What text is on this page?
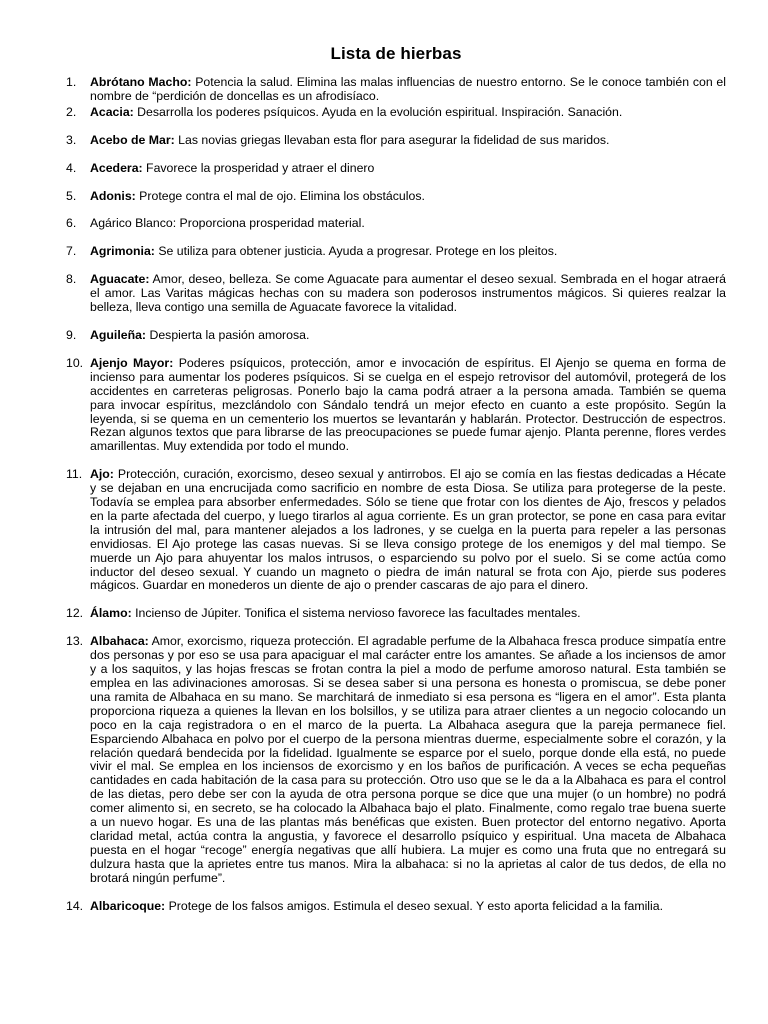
Lista de hierbas
1. Abrótano Macho: Potencia la salud. Elimina las malas influencias de nuestro entorno. Se le conoce también con el nombre de “perdición de doncellas es un afrodisíaco.
2. Acacia: Desarrolla los poderes psíquicos. Ayuda en la evolución espiritual. Inspiración. Sanación.
3. Acebo de Mar: Las novias griegas llevaban esta flor para asegurar la fidelidad de sus maridos.
4. Acedera: Favorece la prosperidad y atraer el dinero
5. Adonis: Protege contra el mal de ojo. Elimina los obstáculos.
6. Agárico Blanco: Proporciona prosperidad material.
7. Agrimonia: Se utiliza para obtener justicia. Ayuda a progresar. Protege en los pleitos.
8. Aguacate: Amor, deseo, belleza. Se come Aguacate para aumentar el deseo sexual. Sembrada en el hogar atraerá el amor. Las Varitas mágicas hechas con su madera son poderosos instrumentos mágicos. Si quieres realzar la belleza, lleva contigo una semilla de Aguacate favorece la vitalidad.
9. Aguileña: Despierta la pasión amorosa.
10. Ajenjo Mayor: Poderes psíquicos, protección, amor e invocación de espíritus. El Ajenjo se quema en forma de incienso para aumentar los poderes psíquicos. Si se cuelga en el espejo retrovisor del automóvil, protegerá de los accidentes en carreteras peligrosas. Ponerlo bajo la cama podrá atraer a la persona amada. También se quema para invocar espíritus, mezclándolo con Sándalo tendrá un mejor efecto en cuanto a este propósito. Según la leyenda, si se quema en un cementerio los muertos se levantarán y hablarán. Protector. Destrucción de espectros. Rezan algunos textos que para librarse de las preocupaciones se puede fumar ajenjo. Planta perenne, flores verdes amarillentas. Muy extendida por todo el mundo.
11. Ajo: Protección, curación, exorcismo, deseo sexual y antirrobos. El ajo se comía en las fiestas dedicadas a Hécate y se dejaban en una encrucijada como sacrificio en nombre de esta Diosa. Se utiliza para protegerse de la peste. Todavía se emplea para absorber enfermedades. Sólo se tiene que frotar con los dientes de Ajo, frescos y pelados en la parte afectada del cuerpo, y luego tirarlos al agua corriente. Es un gran protector, se pone en casa para evitar la intrusión del mal, para mantener alejados a los ladrones, y se cuelga en la puerta para repeler a las personas envidiosas. El Ajo protege las casas nuevas. Si se lleva consigo protege de los enemigos y del mal tiempo. Se muerde un Ajo para ahuyentar los malos intrusos, o esparciendo su polvo por el suelo. Si se come actúa como inductor del deseo sexual. Y cuando un magneto o piedra de imán natural se frota con Ajo, pierde sus poderes mágicos. Guardar en monederos un diente de ajo o prender cascaras de ajo para el dinero.
12. Álamo: Incienso de Júpiter. Tonifica el sistema nervioso favorece las facultades mentales.
13. Albahaca: Amor, exorcismo, riqueza protección. El agradable perfume de la Albahaca fresca produce simpatía entre dos personas y por eso se usa para apaciguar el mal carácter entre los amantes. Se añade a los inciensos de amor y a los saquitos, y las hojas frescas se frotan contra la piel a modo de perfume amoroso natural. Esta también se emplea en las adivinaciones amorosas. Si se desea saber si una persona es honesta o promiscua, se debe poner una ramita de Albahaca en su mano. Se marchitará de inmediato si esa persona es “ligera en el amor”. Esta planta proporciona riqueza a quienes la llevan en los bolsillos, y se utiliza para atraer clientes a un negocio colocando un poco en la caja registradora o en el marco de la puerta. La Albahaca asegura que la pareja permanece fiel. Esparciendo Albahaca en polvo por el cuerpo de la persona mientras duerme, especialmente sobre el corazón, y la relación quedará bendecida por la fidelidad. Igualmente se esparce por el suelo, porque donde ella está, no puede vivir el mal. Se emplea en los inciensos de exorcismo y en los baños de purificación. A veces se echa pequeñas cantidades en cada habitación de la casa para su protección. Otro uso que se le da a la Albahaca es para el control de las dietas, pero debe ser con la ayuda de otra persona porque se dice que una mujer (o un hombre) no podrá comer alimento si, en secreto, se ha colocado la Albahaca bajo el plato. Finalmente, como regalo trae buena suerte a un nuevo hogar. Es una de las plantas más benéficas que existen. Buen protector del entorno negativo. Aporta claridad metal, actúa contra la angustia, y favorece el desarrollo psíquico y espiritual. Una maceta de Albahaca puesta en el hogar “recoge” energía negativas que allí hubiera. La mujer es como una fruta que no entregará su dulzura hasta que la aprietes entre tus manos. Mira la albahaca: si no la aprietas al calor de tus dedos, de ella no brotará ningún perfume”.
14. Albaricoque: Protege de los falsos amigos. Estimula el deseo sexual. Y esto aporta felicidad a la familia.
